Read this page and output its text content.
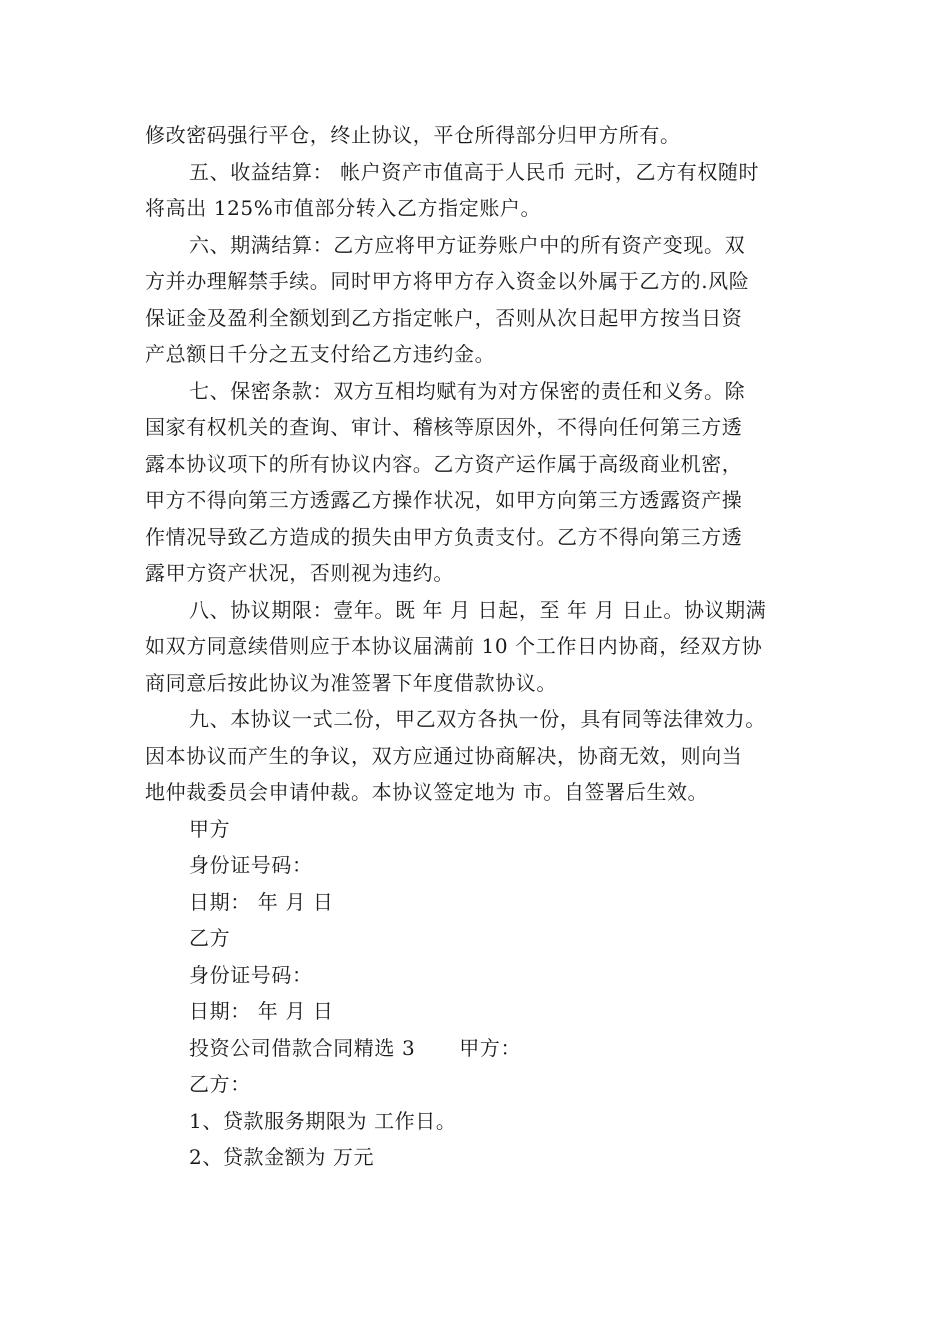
修改密码强行平仓，终止协议，平仓所得部分归甲方所有。
五、收益结算： 帐户资产市值高于人民币 元时，乙方有权随时
将高出 125%市值部分转入乙方指定账户。
六、期满结算：乙方应将甲方证券账户中的所有资产变现。双
方并办理解禁手续。同时甲方将甲方存入资金以外属于乙方的.风险
保证金及盈利全额划到乙方指定帐户，否则从次日起甲方按当日资
产总额日千分之五支付给乙方违约金。
七、保密条款：双方互相均赋有为对方保密的责任和义务。除
国家有权机关的查询、审计、稽核等原因外，不得向任何第三方透
露本协议项下的所有协议内容。乙方资产运作属于高级商业机密，
甲方不得向第三方透露乙方操作状况，如甲方向第三方透露资产操
作情况导致乙方造成的损失由甲方负责支付。乙方不得向第三方透
露甲方资产状况，否则视为违约。
八、协议期限：壹年。既 年 月 日起，至 年 月 日止。协议期满
如双方同意续借则应于本协议届满前 10 个工作日内协商，经双方协
商同意后按此协议为准签署下年度借款协议。
九、本协议一式二份，甲乙双方各执一份，具有同等法律效力。
因本协议而产生的争议，双方应通过协商解决，协商无效，则向当
地仲裁委员会申请仲裁。本协议签定地为 市。自签署后生效。
甲方
身份证号码：
日期： 年 月 日
乙方
身份证号码：
日期： 年 月 日
投资公司借款合同精选 3 甲方：
乙方：
1、贷款服务期限为 工作日。
2、贷款金额为 万元
